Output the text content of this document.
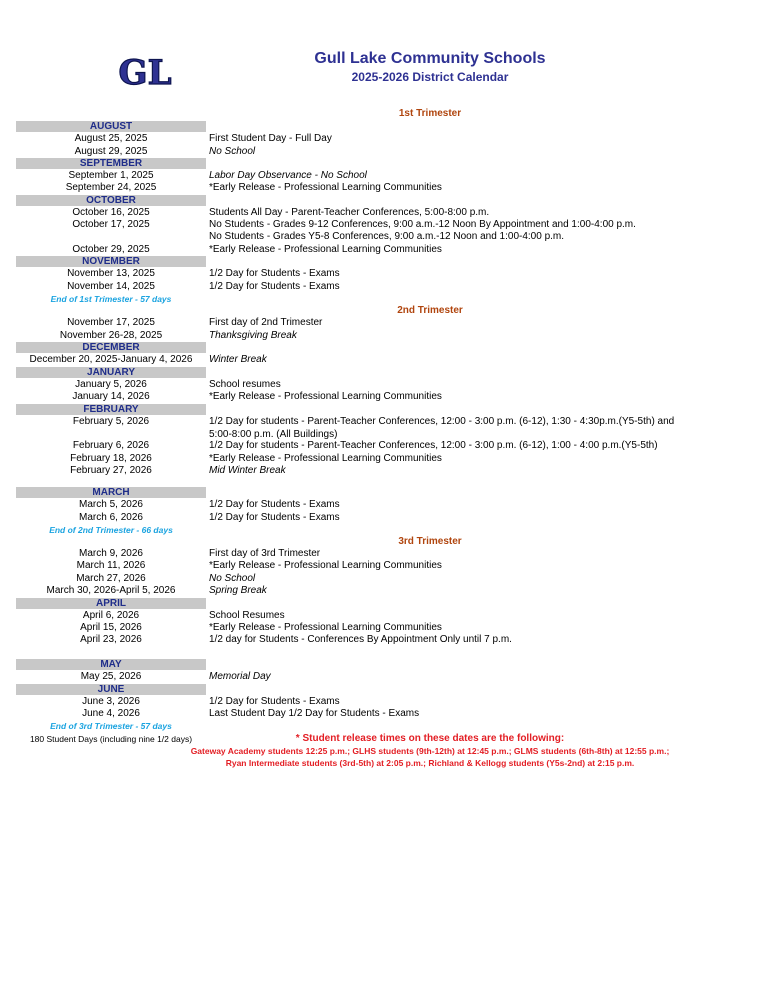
GL	Gull Lake Community Schools
2025-2026 District Calendar
1st Trimester
AUGUST
August 25, 2025	First Student Day - Full Day
August 29, 2025	No School
SEPTEMBER
September 1, 2025	Labor Day Observance - No School
September 24, 2025	*Early Release - Professional Learning Communities
OCTOBER
October 16, 2025	Students All Day - Parent-Teacher Conferences, 5:00-8:00 p.m.
October 17, 2025	No Students - Grades 9-12 Conferences, 9:00 a.m.-12 Noon By Appointment and 1:00-4:00 p.m.
No Students - Grades Y5-8 Conferences, 9:00 a.m.-12 Noon and 1:00-4:00 p.m.
October 29, 2025	*Early Release - Professional Learning Communities
NOVEMBER
November 13, 2025	1/2 Day for Students - Exams
November 14, 2025	1/2 Day for Students - Exams
End of 1st Trimester - 57 days
2nd Trimester
November 17, 2025	First day of 2nd Trimester
November 26-28, 2025	Thanksgiving Break
DECEMBER
December 20, 2025-January 4, 2026	Winter Break
JANUARY
January 5, 2026	School resumes
January 14, 2026	*Early Release - Professional Learning Communities
FEBRUARY
February 5, 2026	1/2 Day for students - Parent-Teacher Conferences, 12:00 - 3:00 p.m. (6-12), 1:30 - 4:30p.m.(Y5-5th) and 5:00-8:00 p.m. (All Buildings)
February 6, 2026	1/2 Day for students - Parent-Teacher Conferences, 12:00 - 3:00 p.m. (6-12), 1:00 - 4:00 p.m.(Y5-5th)
February 18, 2026	*Early Release - Professional Learning Communities
February 27, 2026	Mid Winter Break
MARCH
March 5, 2026	1/2 Day for Students - Exams
March 6, 2026	1/2 Day for Students - Exams
End of 2nd Trimester - 66 days
3rd Trimester
March 9, 2026	First day of 3rd Trimester
March 11, 2026	*Early Release - Professional Learning Communities
March 27, 2026	No School
March 30, 2026-April 5, 2026	Spring Break
APRIL
April 6, 2026	School Resumes
April 15, 2026	*Early Release - Professional Learning Communities
April 23, 2026	1/2 day for Students - Conferences By Appointment Only until 7 p.m.
MAY
May 25, 2026	Memorial Day
JUNE
June 3, 2026	1/2 Day for Students - Exams
June 4, 2026	Last Student Day 1/2 Day for Students - Exams
End of 3rd Trimester - 57 days
180 Student Days (including nine 1/2 days)	* Student release times on these dates are the following:
Gateway Academy students 12:25 p.m.; GLHS students (9th-12th) at 12:45 p.m.; GLMS students (6th-8th) at 12:55 p.m.;
Ryan Intermediate students (3rd-5th) at 2:05 p.m.; Richland & Kellogg students (Y5s-2nd) at 2:15 p.m.
